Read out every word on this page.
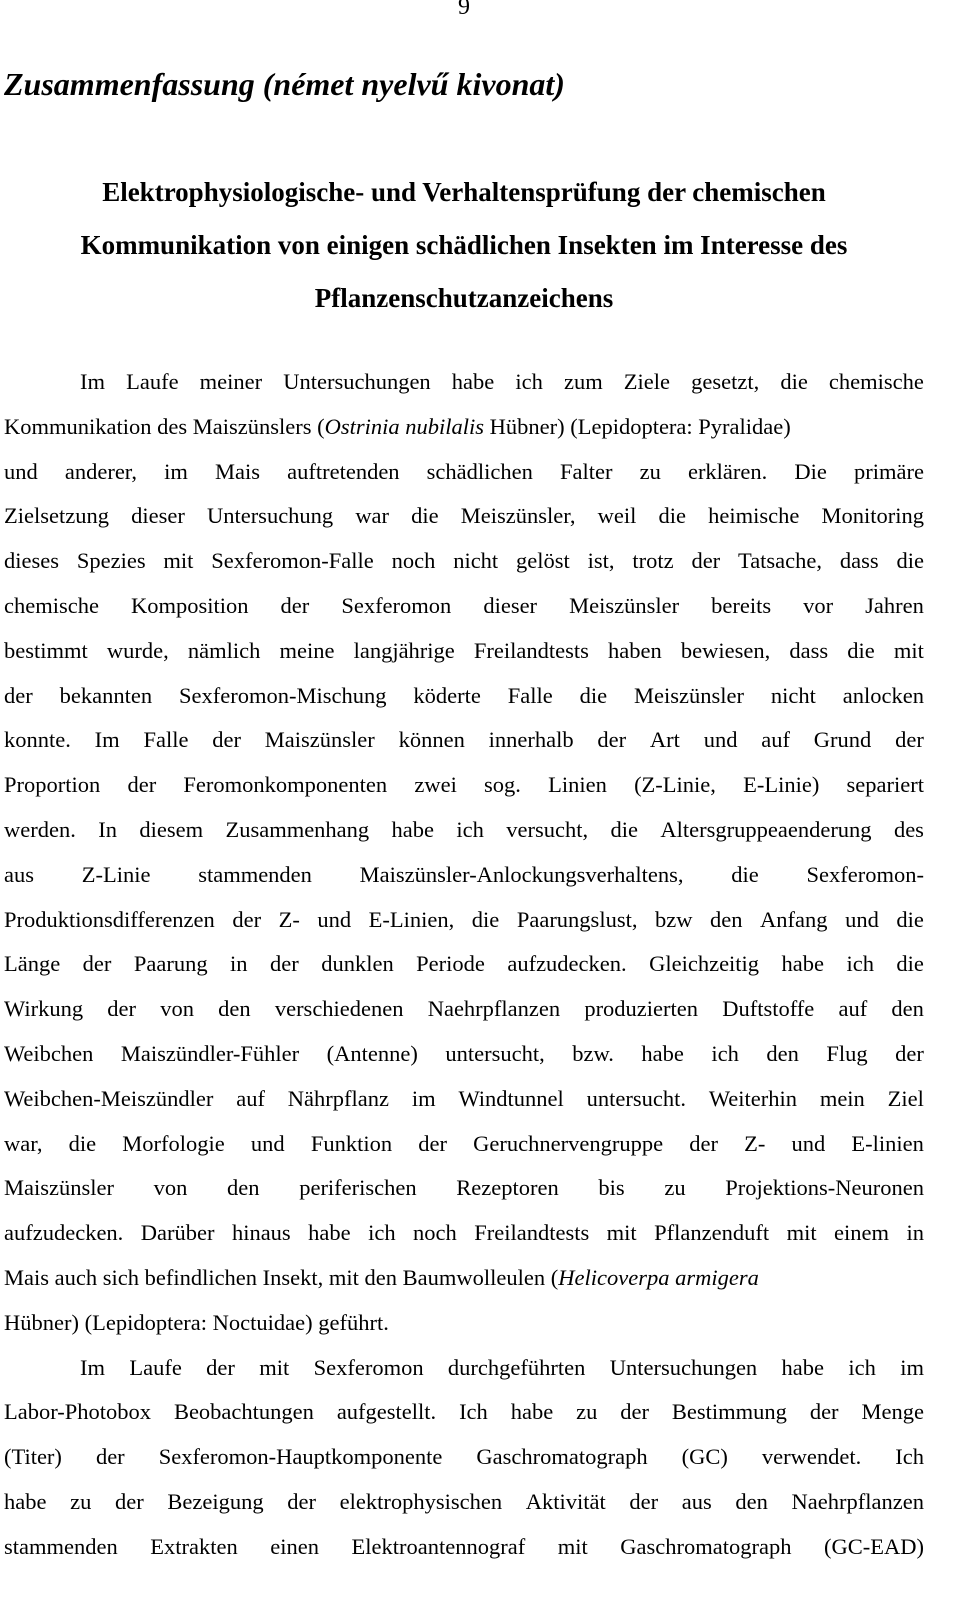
9
Zusammenfassung (német nyelvű kivonat)
Elektrophysiologische- und Verhaltensprüfung der chemischen
Kommunikation von einigen schädlichen Insekten im Interesse des
Pflanzenschutzanzeichens
Im Laufe meiner Untersuchungen habe ich zum Ziele gesetzt, die chemische
Kommunikation des Maiszünslers (Ostrinia nubilalis Hübner) (Lepidoptera: Pyralidae)
und anderer, im Mais auftretenden schädlichen Falter zu erklären. Die primäre
Zielsetzung dieser Untersuchung war die Meiszünsler, weil die heimische Monitoring
dieses Spezies mit Sexferomon-Falle noch nicht gelöst ist, trotz der Tatsache, dass die
chemische Komposition der Sexferomon dieser Meiszünsler bereits vor Jahren
bestimmt wurde, nämlich meine langjährige Freilandtests haben bewiesen, dass die mit
der bekannten Sexferomon-Mischung köderte Falle die Meiszünsler nicht anlocken
konnte. Im Falle der Maiszünsler können innerhalb der Art und auf Grund der
Proportion der Feromonkomponenten zwei sog. Linien (Z-Linie, E-Linie) separiert
werden. In diesem Zusammenhang habe ich versucht, die Altersgruppeaenderung des
aus Z-Linie stammenden Maiszünsler-Anlockungsverhaltens, die Sexferomon-
Produktionsdifferenzen der Z- und E-Linien, die Paarungslust, bzw den Anfang und die
Länge der Paarung in der dunklen Periode aufzudecken. Gleichzeitig habe ich die
Wirkung der von den verschiedenen Naehrpflanzen produzierten Duftstoffe auf den
Weibchen Maiszündler-Fühler (Antenne) untersucht, bzw. habe ich den Flug der
Weibchen-Meiszündler auf Nährpflanz im Windtunnel untersucht. Weiterhin mein Ziel
war, die Morfologie und Funktion der Geruchnervengruppe der Z- und E-linien
Maiszünsler von den periferischen Rezeptoren bis zu Projektions-Neuronen
aufzudecken. Darüber hinaus habe ich noch Freilandtests mit Pflanzenduft mit einem in
Mais auch sich befindlichen Insekt, mit den Baumwolleulen (Helicoverpa armigera
Hübner) (Lepidoptera: Noctuidae) geführt.
Im Laufe der mit Sexferomon durchgeführten Untersuchungen habe ich im
Labor-Photobox Beobachtungen aufgestellt. Ich habe zu der Bestimmung der Menge
(Titer) der Sexferomon-Hauptkomponente Gaschromatograph (GC) verwendet. Ich
habe zu der Bezeigung der elektrophysischen Aktivität der aus den Naehrpflanzen
stammenden Extrakten einen Elektroantennograf mit Gaschromatograph (GC-EAD)
